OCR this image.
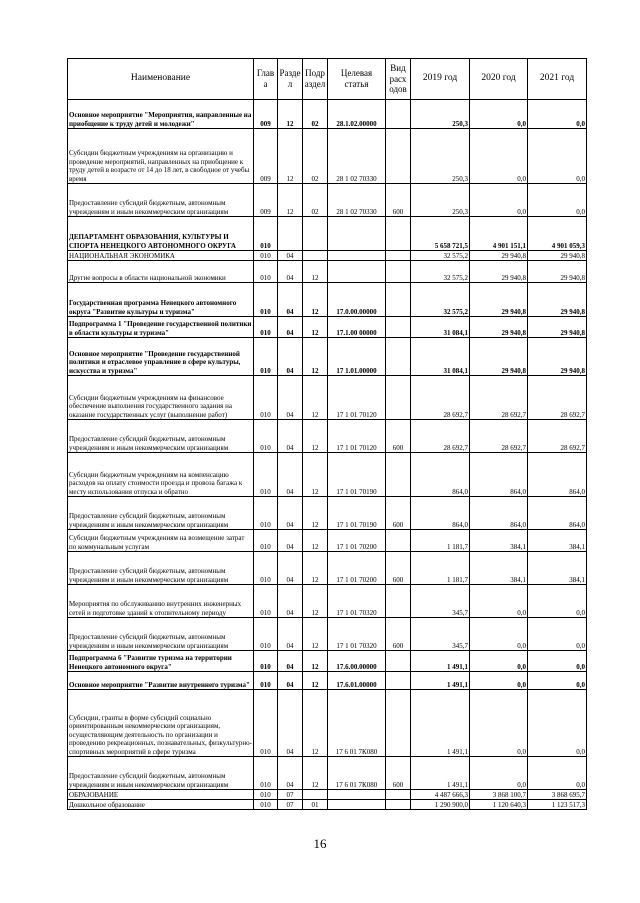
Наименование	Глав а	Разде л	Подр аздел	Целевая статья	Вид расх одов	2019 год	2020 год	2021 год
Основное мероприятие "Мероприятия, направленные на приобщение к труду детей и молодежи"	009	12	02	28.1.02.00000		250,3	0,0	0,0
Субсидии бюджетным учреждениям на организацию и проведение мероприятий, направленных на приобщение к труду детей в возрасте от 14 до 18 лет, в свободное от учебы время	009	12	02	28 1 02 70330		250,3	0,0	0,0
Предоставление субсидий бюджетным, автономным учреждениям и иным некоммерческим организациям	009	12	02	28 1 02 70330	600	250,3	0,0	0,0
ДЕПАРТАМЕНТ ОБРАЗОВАНИЯ, КУЛЬТУРЫ И СПОРТА НЕНЕЦКОГО АВТОНОМНОГО ОКРУГА	010					5 658 721,5	4 901 151,1	4 901 059,3
НАЦИОНАЛЬНАЯ ЭКОНОМИКА	010	04				32 575,2	29 940,8	29 940,8
Другие вопросы в области национальной экономики	010	04	12			32 575,2	29 940,8	29 940,8
Государственная программа Ненецкого автономного округа "Развитие культуры и туризма"	010	04	12	17.0.00.00000		32 575,2	29 940,8	29 940,8
Подпрограмма 1 "Проведение государственной политики в области культуры и туризма"	010	04	12	17.1.00 00000		31 084,1	29 940,8	29 940,8
Основное мероприятие "Проведение государственной политики и отраслевое управление в сфере культуры, искусства и туризма"	010	04	12	17 1.01.00000		31 084,1	29 940,8	29 940,8
Субсидии бюджетным учреждениям на финансовое обеспечение выполнения государственного задания на оказание государственных услуг (выполнение работ)	010	04	12	17 1 01 70120		28 692,7	28 692,7	28 692,7
Предоставление субсидий бюджетным, автономным учреждениям и иным некоммерческим организациям	010	04	12	17 1 01 70120	600	28 692,7	28 692,7	28 692,7
Субсидии бюджетным учреждениям на компенсацию расходов на оплату стоимости проезда и провоза багажа к месту использования отпуска и обратно	010	04	12	17 1 01 70190		864,0	864,0	864,0
Предоставление субсидий бюджетным, автономным учреждениям и иным некоммерческим организациям	010	04	12	17 1 01 70190	600	864,0	864,0	864,0
Субсидии бюджетным учреждениям на возмещение затрат по коммунальным услугам	010	04	12	17 1 01 70200		1 181,7	384,1	384,1
Предоставление субсидий бюджетным, автономным учреждениям и иным некоммерческим организациям	010	04	12	17 1 01 70200	600	1 181,7	384,1	384,1
Мероприятия по обслуживанию внутренних инженерных сетей и подготовке зданий к отопительному периоду	010	04	12	17 1 01 70320		345,7	0,0	0,0
Предоставление субсидий бюджетным, автономным учреждениям и иным некоммерческим организациям	010	04	12	17 1 01 70320	600	345,7	0,0	0,0
Подпрограмма 6 "Развитие туризма на территории Ненецкого автономного округа"	010	04	12	17.6.00.00000		1 491,1	0,0	0,0
Основное мероприятие "Развитие внутреннего туризма"	010	04	12	17.6.01.00000		1 491,1	0,0	0,0
Субсидии, гранты в форме субсидий социально ориентированным некоммерческим организациям, осуществляющим деятельность по организации и проведению рекреационных, познавательных, физкультурно-спортивных мероприятий в сфере туризма	010	04	12	17 6 01 7К080		1 491,1	0,0	0,0
Предоставление субсидий бюджетным, автономным учреждениям и иным некоммерческим организациям	010	04	12	17 6 01 7К080	600	1 491,1	0,0	0,0
ОБРАЗОВАНИЕ	010	07				4 487 666,3	3 868 100,7	3 868 695,7
Дошкольное образование	010	07	01			1 290 900,0	1 120 640,3	1 123 517,3
16
